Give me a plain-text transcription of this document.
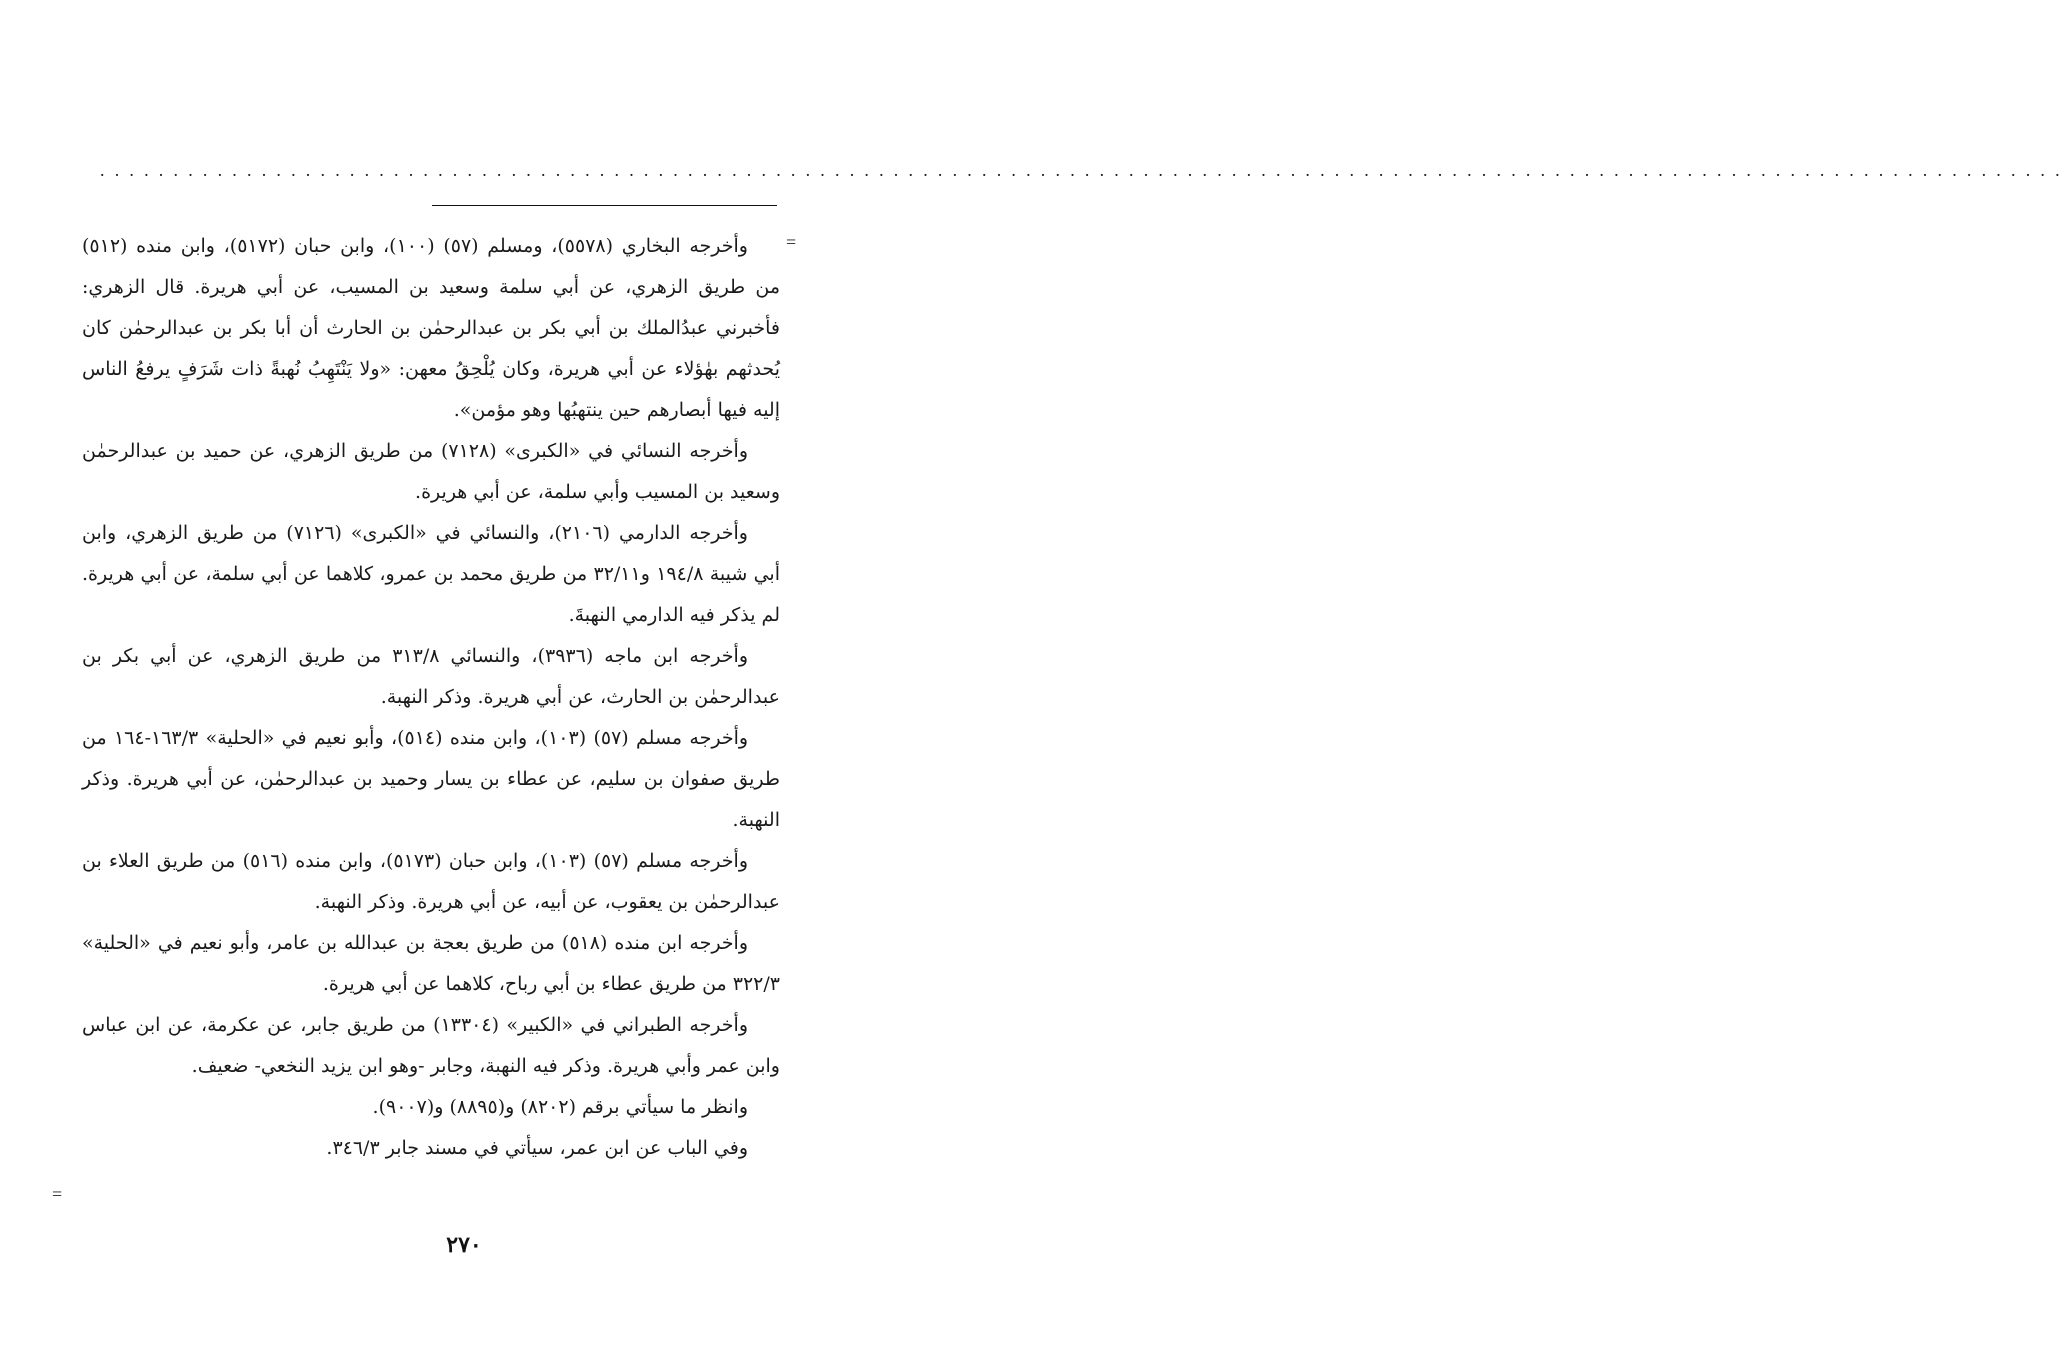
......................................................................................................................................
=

وأخرجه البخاري (٥٥٧٨)، ومسلم (٥٧) (١٠٠)، وابن حبان (٥١٧٢)، وابن منده (٥١٢) من طريق الزهري، عن أبي سلمة وسعيد بن المسيب، عن أبي هريرة. قال الزهري: فأخبرني عبدُالملك بن أبي بكر بن عبدالرحمٰن بن الحارث أن أبا بكر بن عبدالرحمٰن كان يُحدثهم بهٰؤلاء عن أبي هريرة، وكان يُلْحِقُ معهن: «ولا يَنْتَهِبُ نُهبةً ذات شَرَفٍ يرفعُ الناس إليه فيها أبصارهم حين ينتهبُها وهو مؤمن».

وأخرجه النسائي في «الكبرى» (٧١٢٨) من طريق الزهري، عن حميد بن عبدالرحمٰن وسعيد بن المسيب وأبي سلمة، عن أبي هريرة.

وأخرجه الدارمي (٢١٠٦)، والنسائي في «الكبرى» (٧١٢٦) من طريق الزهري، وابن أبي شيبة ١٩٤/٨ و٣٢/١١ من طريق محمد بن عمرو، كلاهما عن أبي سلمة، عن أبي هريرة. لم يذكر فيه الدارمي النهبةَ.

وأخرجه ابن ماجه (٣٩٣٦)، والنسائي ٣١٣/٨ من طريق الزهري، عن أبي بكر بن عبدالرحمٰن بن الحارث، عن أبي هريرة. وذكر النهبة.

وأخرجه مسلم (٥٧) (١٠٣)، وابن منده (٥١٤)، وأبو نعيم في «الحلية» ١٦٣/٣-١٦٤ من طريق صفوان بن سليم، عن عطاء بن يسار وحميد بن عبدالرحمٰن، عن أبي هريرة. وذكر النهبة.

وأخرجه مسلم (٥٧) (١٠٣)، وابن حبان (٥١٧٣)، وابن منده (٥١٦) من طريق العلاء بن عبدالرحمٰن بن يعقوب، عن أبيه، عن أبي هريرة. وذكر النهبة.

وأخرجه ابن منده (٥١٨) من طريق بعجة بن عبدالله بن عامر، وأبو نعيم في «الحلية» ٣٢٢/٣ من طريق عطاء بن أبي رباح، كلاهما عن أبي هريرة.

وأخرجه الطبراني في «الكبير» (١٣٣٠٤) من طريق جابر، عن عكرمة، عن ابن عباس وابن عمر وأبي هريرة. وذكر فيه النهبة، وجابر -وهو ابن يزيد النخعي- ضعيف.

وانظر ما سيأتي برقم (٨٢٠٢) و(٨٨٩٥) و(٩٠٠٧).

وفي الباب عن ابن عمر، سيأتي في مسند جابر ٣٤٦/٣.

=
٢٧٠
